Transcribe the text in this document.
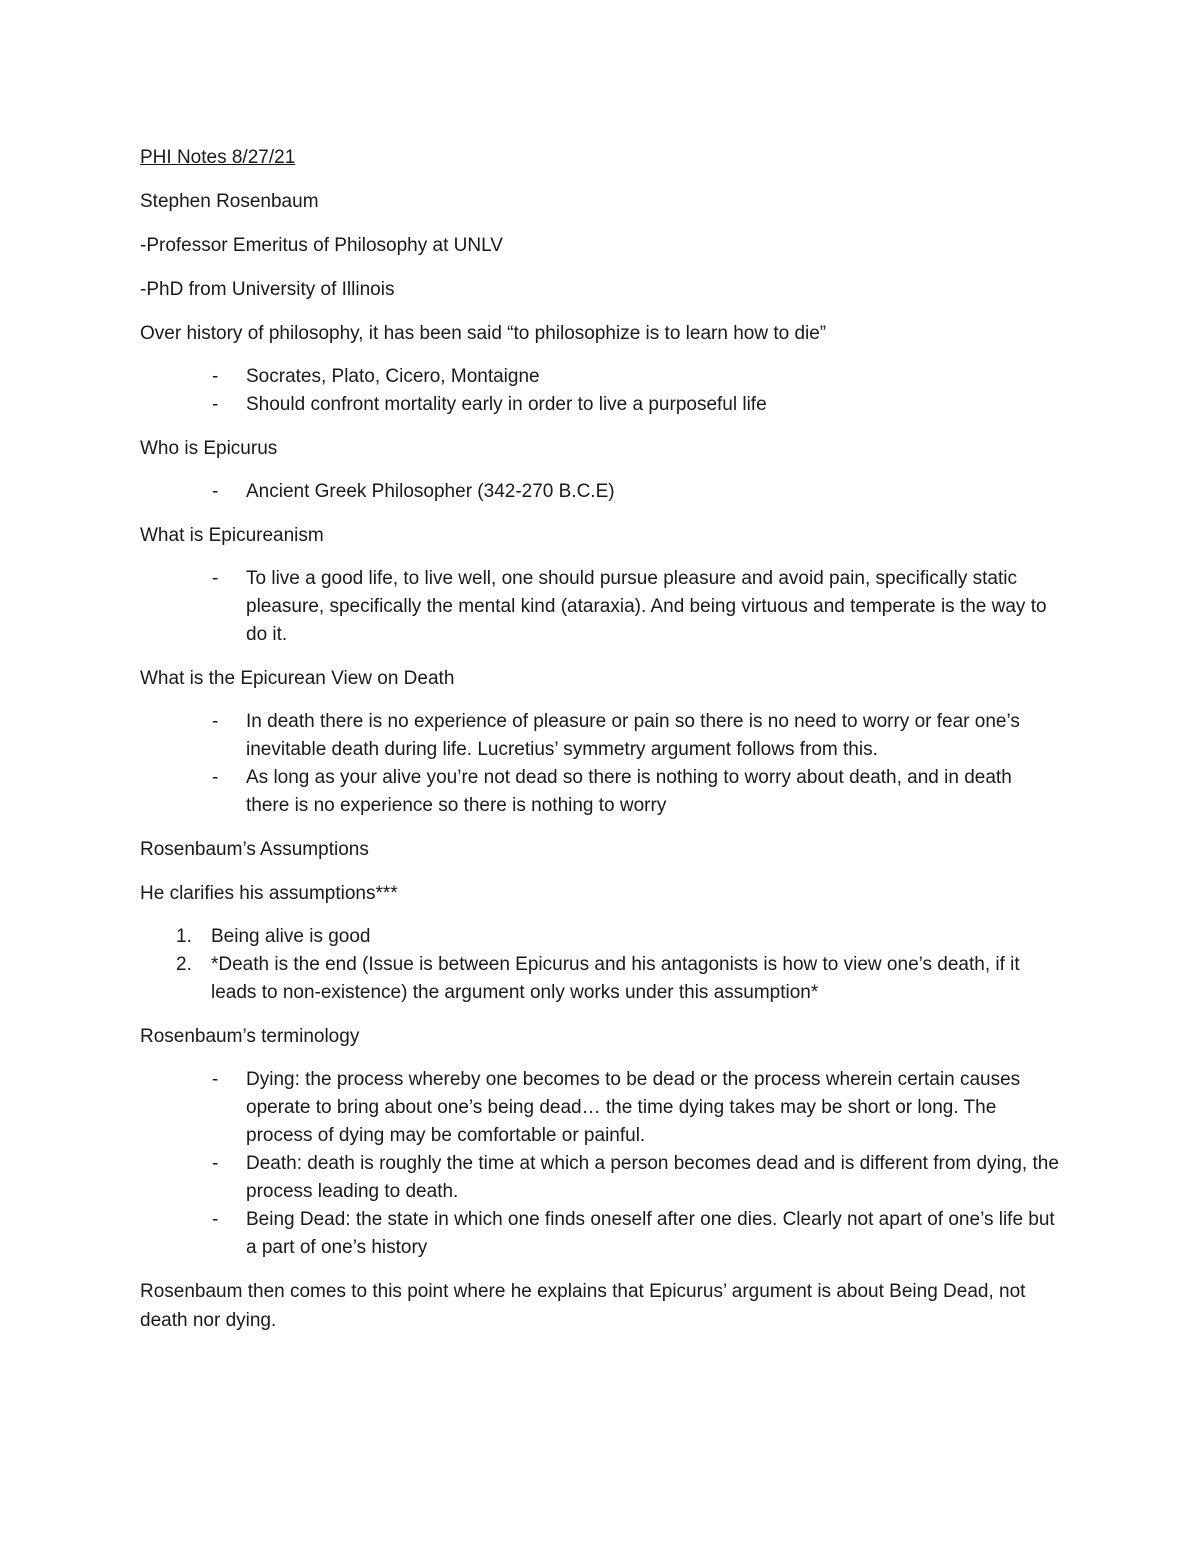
PHI Notes 8/27/21

Stephen Rosenbaum

-Professor Emeritus of Philosophy at UNLV

-PhD from University of Illinois

Over history of philosophy, it has been said “to philosophize is to learn how to die”

- Socrates, Plato, Cicero, Montaigne
- Should confront mortality early in order to live a purposeful life

Who is Epicurus

- Ancient Greek Philosopher (342-270 B.C.E)

What is Epicureanism

- To live a good life, to live well, one should pursue pleasure and avoid pain, specifically static pleasure, specifically the mental kind (ataraxia). And being virtuous and temperate is the way to do it.

What is the Epicurean View on Death

- In death there is no experience of pleasure or pain so there is no need to worry or fear one’s inevitable death during life. Lucretius’ symmetry argument follows from this.
- As long as your alive you’re not dead so there is nothing to worry about death, and in death there is no experience so there is nothing to worry

Rosenbaum’s Assumptions

He clarifies his assumptions***

1. Being alive is good
2. *Death is the end (Issue is between Epicurus and his antagonists is how to view one’s death, if it leads to non-existence) the argument only works under this assumption*

Rosenbaum’s terminology

- Dying: the process whereby one becomes to be dead or the process wherein certain causes operate to bring about one’s being dead… the time dying takes may be short or long. The process of dying may be comfortable or painful.
- Death: death is roughly the time at which a person becomes dead and is different from dying, the process leading to death.
- Being Dead: the state in which one finds oneself after one dies. Clearly not apart of one’s life but a part of one’s history

Rosenbaum then comes to this point where he explains that Epicurus’ argument is about Being Dead, not death nor dying.
